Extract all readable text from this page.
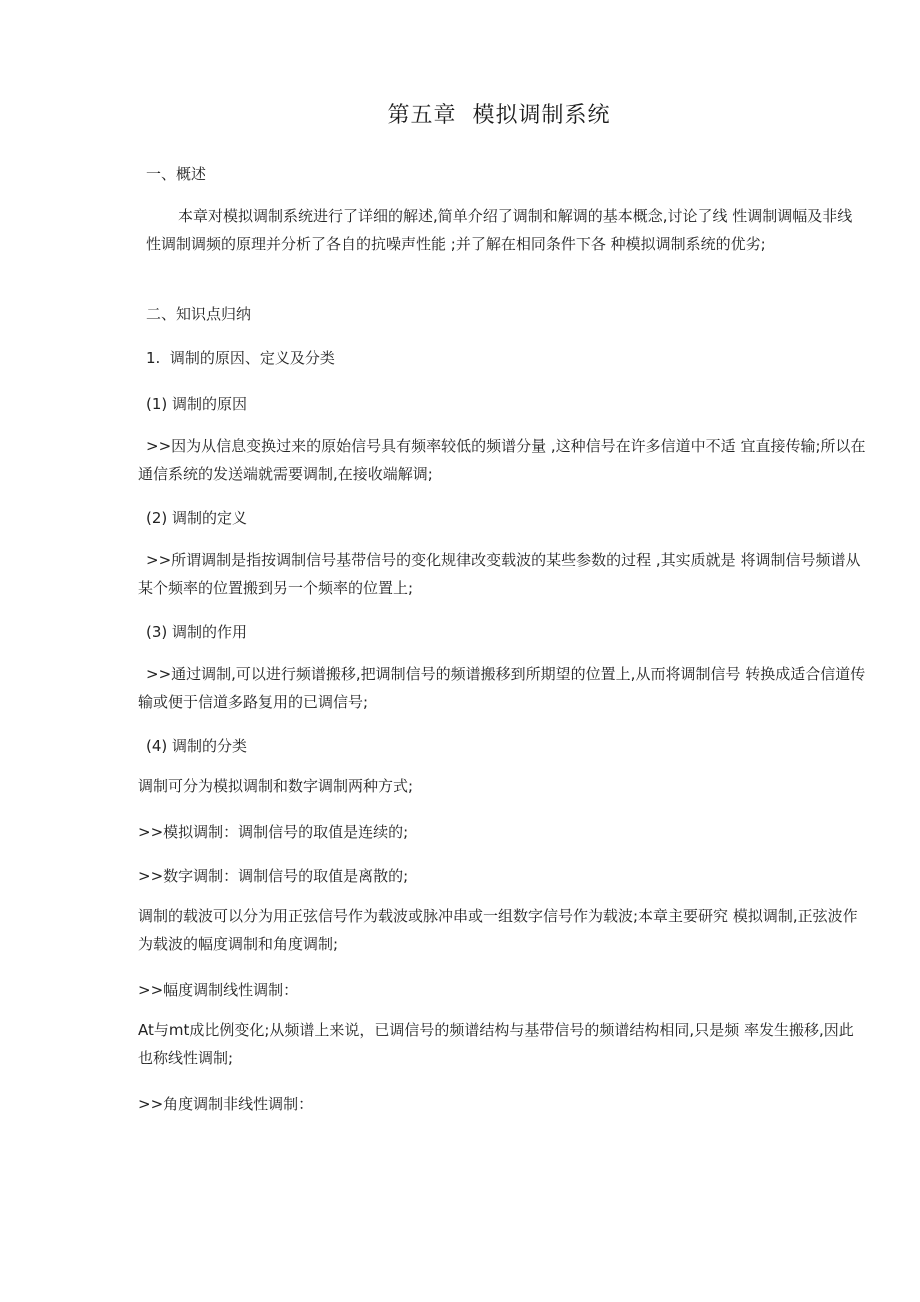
第五章  模拟调制系统
一、概述
本章对模拟调制系统进行了详细的解述,简单介绍了调制和解调的基本概念,讨论了线 性调制调幅及非线性调制调频的原理并分析了各自的抗噪声性能 ;并了解在相同条件下各 种模拟调制系统的优劣;
二、知识点归纳
1.  调制的原因、定义及分类
(1) 调制的原因
>>因为从信息变换过来的原始信号具有频率较低的频谱分量 ,这种信号在许多信道中不适 宜直接传输;所以在通信系统的发送端就需要调制,在接收端解调;
(2) 调制的定义
>>所谓调制是指按调制信号基带信号的变化规律改变载波的某些参数的过程 ,其实质就是 将调制信号频谱从某个频率的位置搬到另一个频率的位置上;
(3) 调制的作用
>>通过调制,可以进行频谱搬移,把调制信号的频谱搬移到所期望的位置上,从而将调制信号 转换成适合信道传输或便于信道多路复用的已调信号;
(4) 调制的分类
调制可分为模拟调制和数字调制两种方式;
>>模拟调制：调制信号的取值是连续的;
>>数字调制：调制信号的取值是离散的;
调制的载波可以分为用正弦信号作为载波或脉冲串或一组数字信号作为载波;本章主要研究 模拟调制,正弦波作为载波的幅度调制和角度调制;
>>幅度调制线性调制：
At与mt成比例变化;从频谱上来说，已调信号的频谱结构与基带信号的频谱结构相同,只是频 率发生搬移,因此也称线性调制;
>>角度调制非线性调制：
